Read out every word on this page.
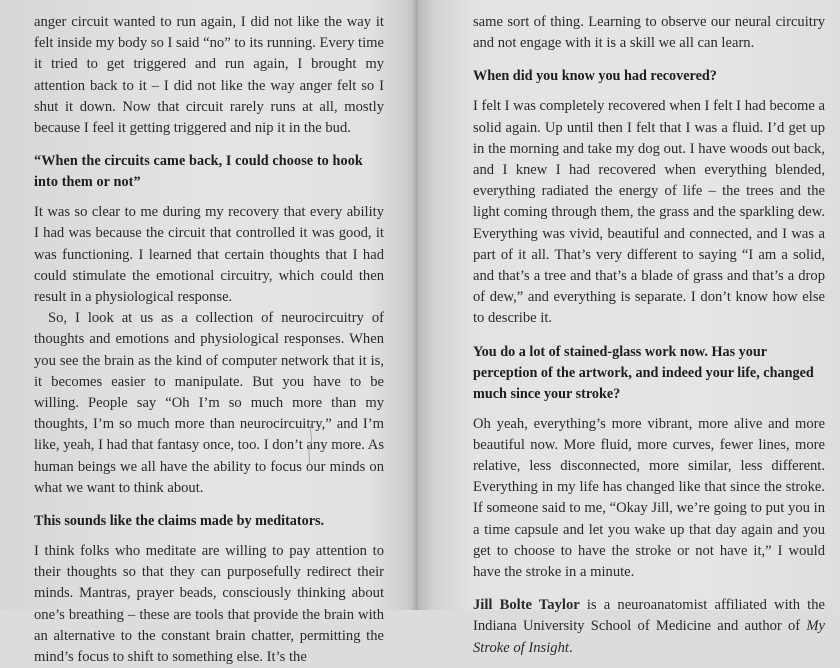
anger circuit wanted to run again, I did not like the way it felt inside my body so I said “no” to its running. Every time it tried to get triggered and run again, I brought my attention back to it – I did not like the way anger felt so I shut it down. Now that circuit rarely runs at all, mostly because I feel it getting triggered and nip it in the bud.

“When the circuits came back, I could choose to hook into them or not”

It was so clear to me during my recovery that every ability I had was because the circuit that controlled it was good, it was functioning. I learned that certain thoughts that I had could stimulate the emotional circuitry, which could then result in a physiological response.

So, I look at us as a collection of neurocircuitry of thoughts and emotions and physiological responses. When you see the brain as the kind of computer network that it is, it becomes easier to manipulate. But you have to be willing. People say “Oh I’m so much more than my thoughts, I’m so much more than neurocircuitry,” and I’m like, yeah, I had that fantasy once, too. I don’t any more. As human beings we all have the ability to focus our minds on what we want to think about.

This sounds like the claims made by meditators.

I think folks who meditate are willing to pay attention to their thoughts so that they can purposefully redirect their minds. Mantras, prayer beads, consciously thinking about one’s breathing – these are tools that provide the brain with an alternative to the constant brain chatter, permitting the mind’s focus to shift to something else. It’s the

same sort of thing. Learning to observe our neural circuitry and not engage with it is a skill we all can learn.

When did you know you had recovered?

I felt I was completely recovered when I felt I had become a solid again. Up until then I felt that I was a fluid. I’d get up in the morning and take my dog out. I have woods out back, and I knew I had recovered when everything blended, everything radiated the energy of life – the trees and the light coming through them, the grass and the sparkling dew. Everything was vivid, beautiful and connected, and I was a part of it all. That’s very different to saying “I am a solid, and that’s a tree and that’s a blade of grass and that’s a drop of dew,” and everything is separate. I don’t know how else to describe it.

You do a lot of stained-glass work now. Has your perception of the artwork, and indeed your life, changed much since your stroke?

Oh yeah, everything’s more vibrant, more alive and more beautiful now. More fluid, more curves, fewer lines, more relative, less disconnected, more similar, less different. Everything in my life has changed like that since the stroke. If someone said to me, “Okay Jill, we’re going to put you in a time capsule and let you wake up that day again and you get to choose to have the stroke or not have it,” I would have the stroke in a minute.

Jill Bolte Taylor is a neuroanatomist affiliated with the Indiana University School of Medicine and author of My Stroke of Insight.
